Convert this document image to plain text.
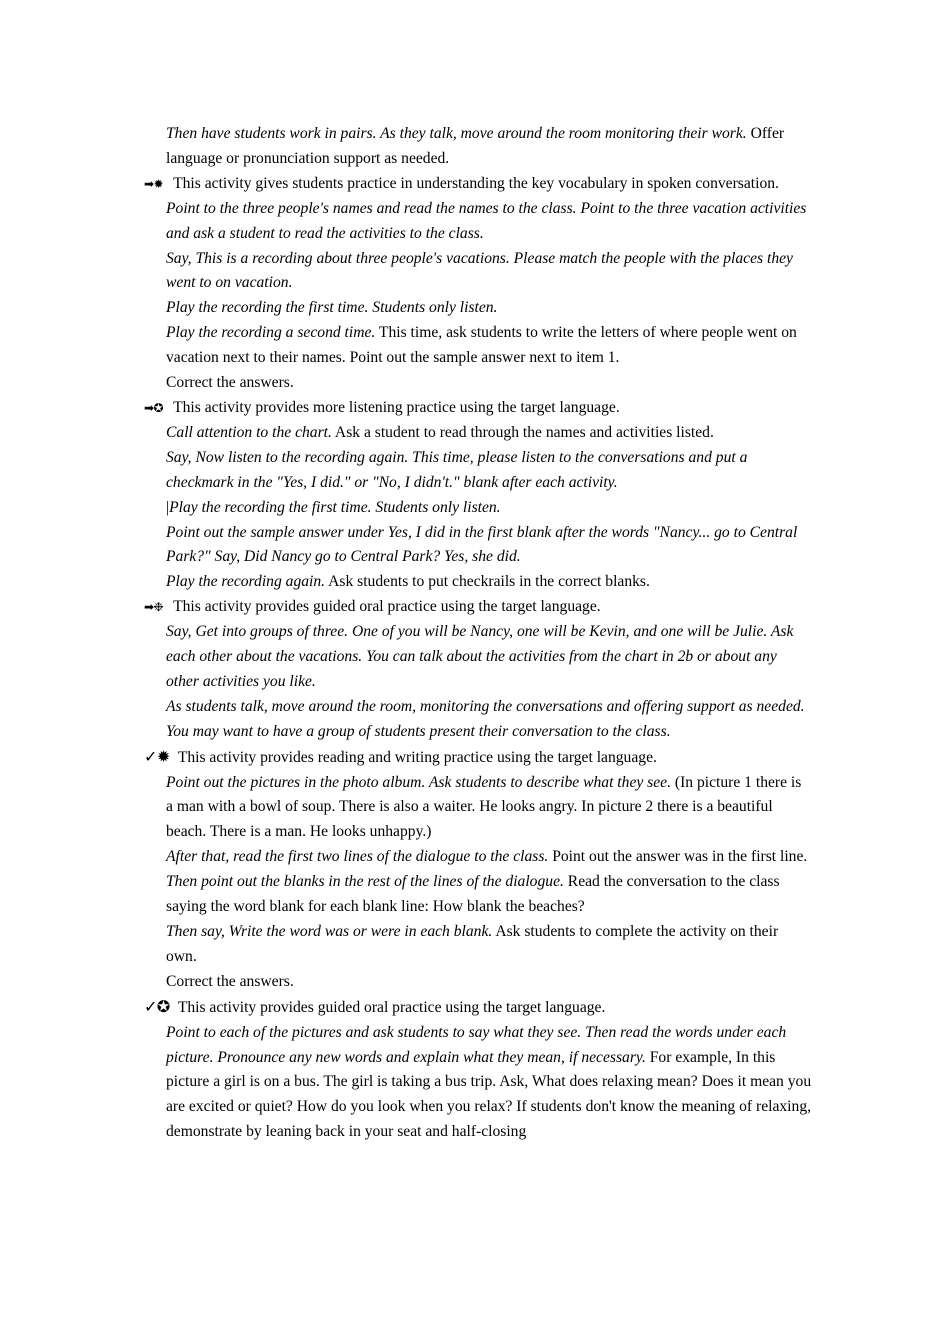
Then have students work in pairs. As they talk, move around the room monitoring their work. Offer language or pronunciation support as needed.
➡✹ This activity gives students practice in understanding the key vocabulary in spoken conversation.
Point to the three people's names and read the names to the class. Point to the three vacation activities and ask a student to read the activities to the class.
Say, This is a recording about three people's vacations. Please match the people with the places they went to on vacation.
Play the recording the first time. Students only listen.
Play the recording a second time. This time, ask students to write the letters of where people went on vacation next to their names. Point out the sample answer next to item 1.
Correct the answers.
➡✪ This activity provides more listening practice using the target language.
Call attention to the chart. Ask a student to read through the names and activities listed.
Say, Now listen to the recording again. This time, please listen to the conversations and put a checkmark in the "Yes, I did." or "No, I didn't." blank after each activity.
|Play the recording the first time. Students only listen.
Point out the sample answer under Yes, I did in the first blank after the words "Nancy... go to Central Park?" Say, Did Nancy go to Central Park? Yes, she did.
Play the recording again. Ask students to put checkrails in the correct blanks.
➡❉ This activity provides guided oral practice using the target language.
Say, Get into groups of three. One of you will be Nancy, one will be Kevin, and one will be Julie. Ask each other about the vacations. You can talk about the activities from the chart in 2b or about any other activities you like.
As students talk, move around the room, monitoring the conversations and offering support as needed.
You may want to have a group of students present their conversation to the class.
✓✹ This activity provides reading and writing practice using the target language.
Point out the pictures in the photo album. Ask students to describe what they see. (In picture 1 there is a man with a bowl of soup. There is also a waiter. He looks angry. In picture 2 there is a beautiful beach. There is a man. He looks unhappy.)
After that, read the first two lines of the dialogue to the class. Point out the answer was in the first line.
Then point out the blanks in the rest of the lines of the dialogue. Read the conversation to the class saying the word blank for each blank line: How blank the beaches?
Then say, Write the word was or were in each blank. Ask students to complete the activity on their own.
Correct the answers.
✓✪ This activity provides guided oral practice using the target language.
Point to each of the pictures and ask students to say what they see. Then read the words under each picture. Pronounce any new words and explain what they mean, if necessary. For example, In this picture a girl is on a bus. The girl is taking a bus trip. Ask, What does relaxing mean? Does it mean you are excited or quiet? How do you look when you relax? If students don't know the meaning of relaxing, demonstrate by leaning back in your seat and half-closing
